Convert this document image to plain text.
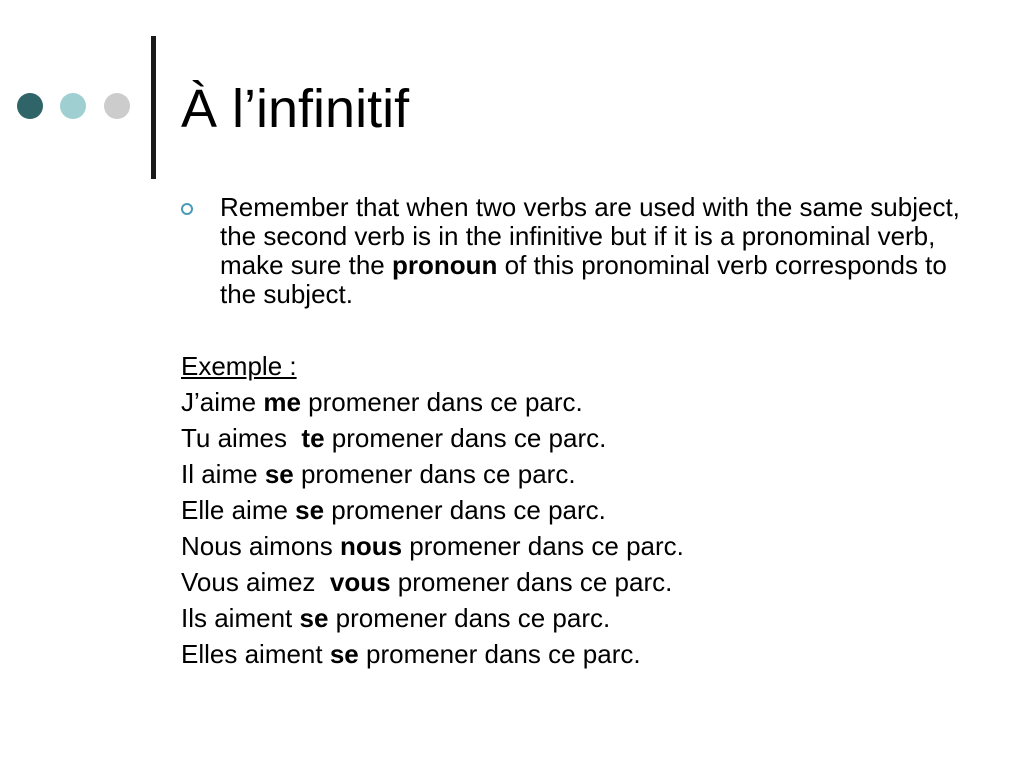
À l’infinitif
Remember that when two verbs are used with the same subject, the second verb is in the infinitive but if it is a pronominal verb, make sure the pronoun of this pronominal verb corresponds to the subject.
Exemple :
J’aime me promener dans ce parc.
Tu aimes  te promener dans ce parc.
Il aime se promener dans ce parc.
Elle aime se promener dans ce parc.
Nous aimons nous promener dans ce parc.
Vous aimez  vous promener dans ce parc.
Ils aiment se promener dans ce parc.
Elles aiment se promener dans ce parc.
